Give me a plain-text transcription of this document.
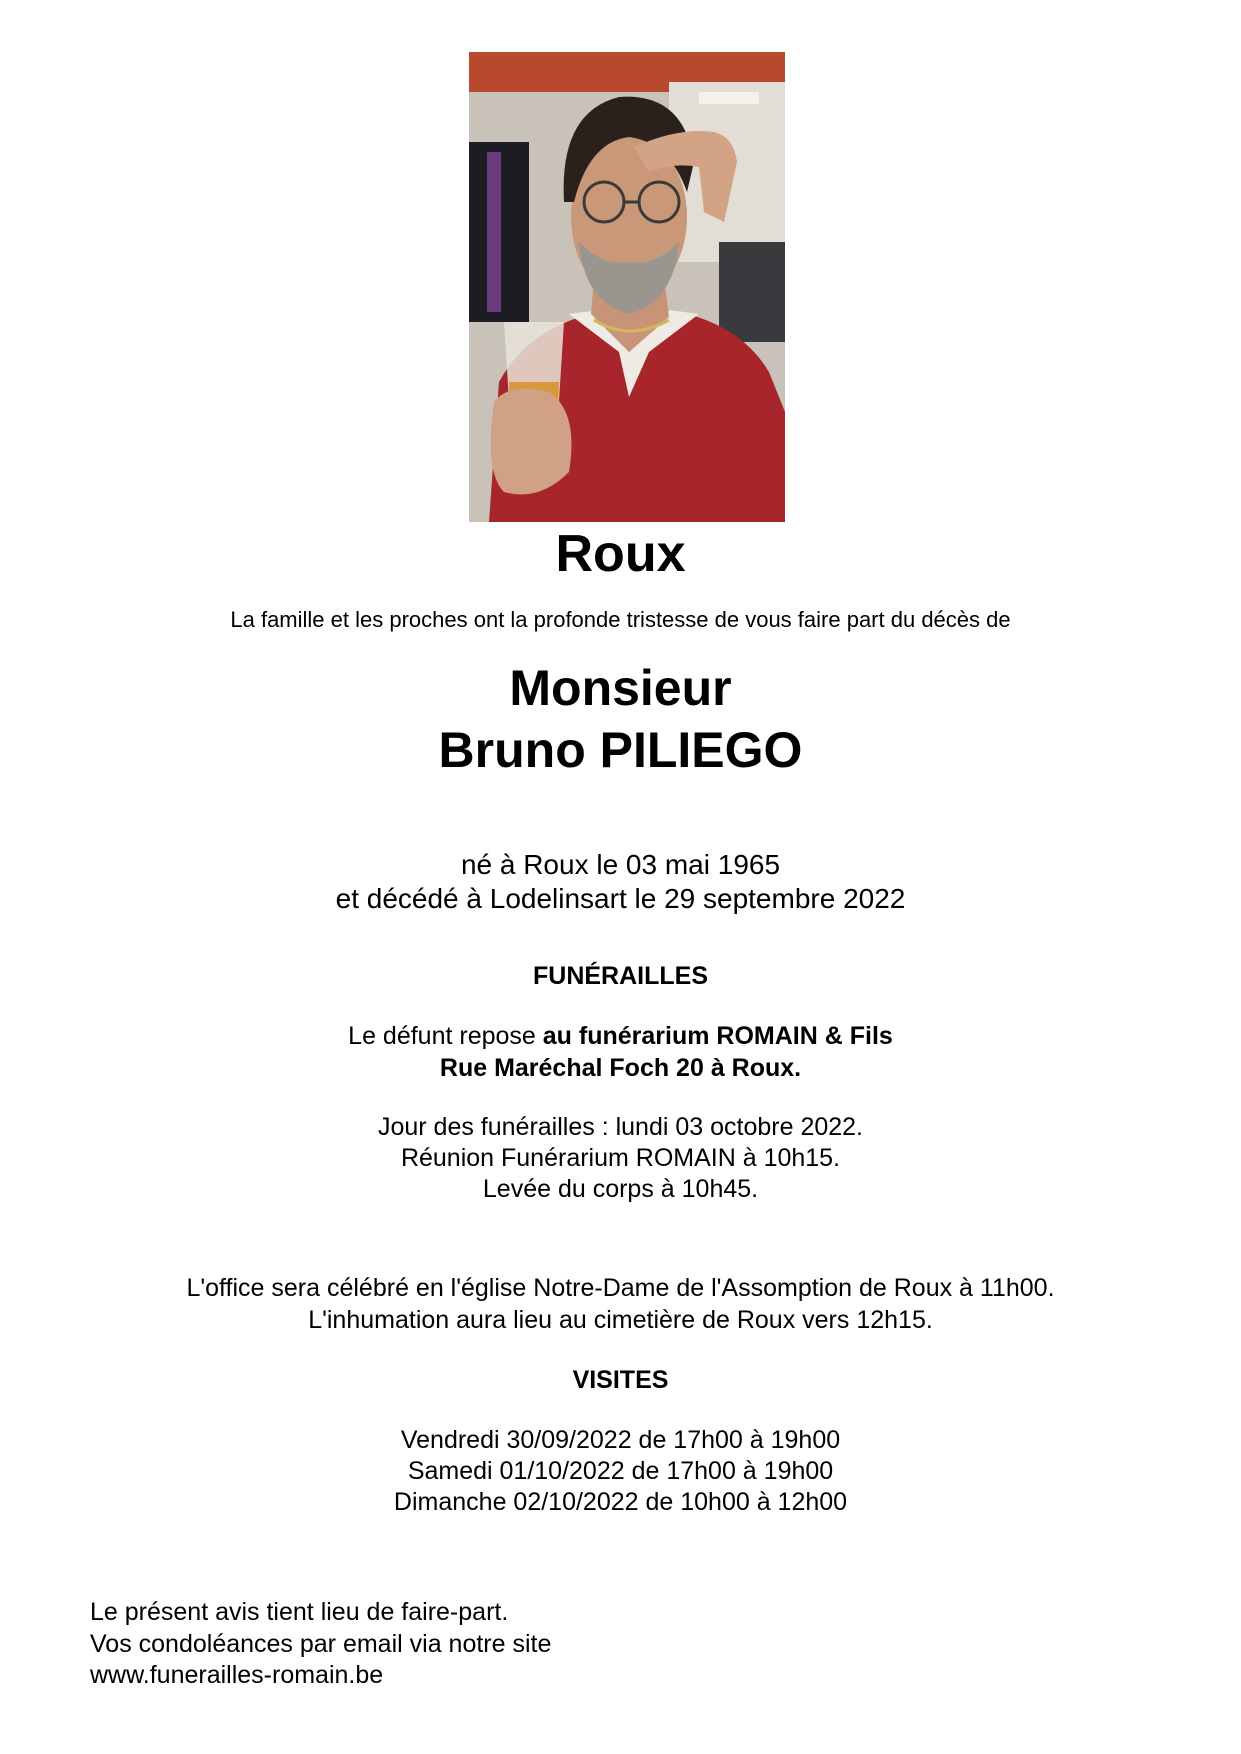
Roux
La famille et les proches ont la profonde tristesse de vous faire part du décès de
Monsieur
Bruno PILIEGO
né à Roux le 03 mai 1965
et décédé à Lodelinsart le 29 septembre 2022
FUNÉRAILLES
Le défunt repose au funérarium ROMAIN & Fils
Rue Maréchal Foch 20 à Roux.
Jour des funérailles : lundi 03 octobre 2022.
Réunion Funérarium ROMAIN à 10h15.
Levée du corps à 10h45.
L'office sera célébré en l'église Notre-Dame de l'Assomption de Roux à 11h00.
L'inhumation aura lieu au cimetière de Roux vers 12h15.
VISITES
Vendredi 30/09/2022 de 17h00 à 19h00
Samedi 01/10/2022 de 17h00 à 19h00
Dimanche 02/10/2022 de 10h00 à 12h00
Le présent avis tient lieu de faire-part.
Vos condoléances par email via notre site
www.funerailles-romain.be
